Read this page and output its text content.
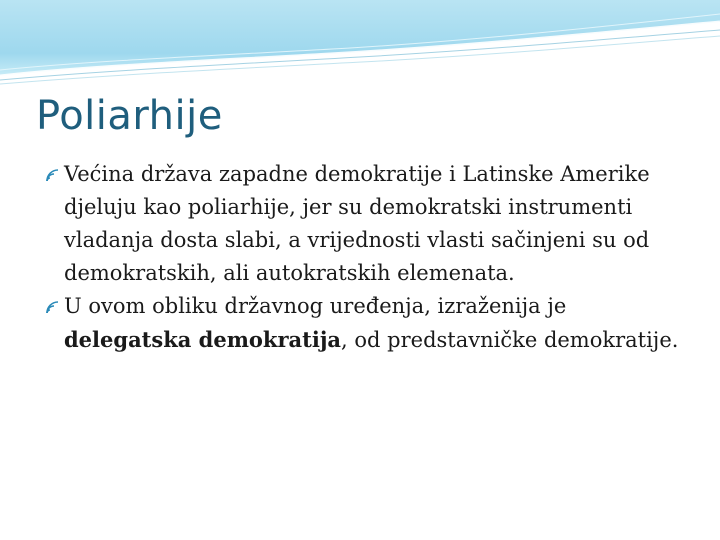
Poliarhije
Većina država zapadne demokratije i Latinske Amerike djeluju kao poliarhije, jer su demokratski instrumenti vladanja dosta slabi, a vrijednosti vlasti sačinjeni su od demokratskih, ali autokratskih elemenata.
U ovom obliku državnog uređenja, izraženija je delegatska demokratija, od predstavničke demokratije.
